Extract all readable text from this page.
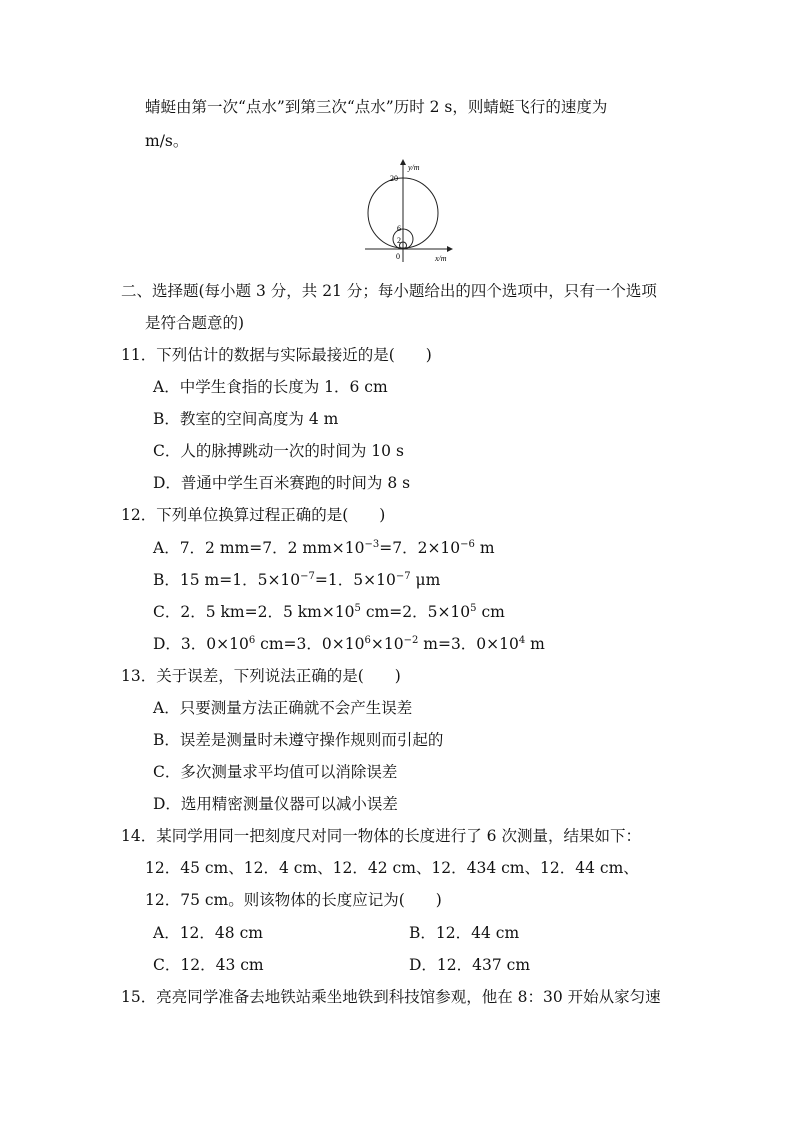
蜻蜓由第一次“点水”到第三次“点水”历时 2 s，则蜻蜓飞行的速度为
m/s。
y/m
x/m
20
6
2
0
二、选择题(每小题 3 分，共 21 分；每小题给出的四个选项中，只有一个选项
是符合题意的)
11．下列估计的数据与实际最接近的是(　　)
A．中学生食指的长度为 1．6 cm
B．教室的空间高度为 4 m
C．人的脉搏跳动一次的时间为 10 s
D．普通中学生百米赛跑的时间为 8 s
12．下列单位换算过程正确的是(　　)
A．7．2 mm=7．2 $mm\times 10^{-3}=7$．$2\times 10^{-6}$ m
B．15 m=1．$5\times 10^{-7}=1$．$5\times 10^{-7}$ μm
C．2．5 km=2．5 $km\times 10^5$ cm=2．$5\times 10^5$ cm
D．3．$0\times 10^6$ cm=3．$0\times 10^6\times 10^{-2}$ m=3．$0\times 10^4$ m
13．关于误差，下列说法正确的是(　　)
A．只要测量方法正确就不会产生误差
B．误差是测量时未遵守操作规则而引起的
C．多次测量求平均值可以消除误差
D．选用精密测量仪器可以减小误差
14．某同学用同一把刻度尺对同一物体的长度进行了 6 次测量，结果如下：
12．45 cm、12．4 cm、12．42 cm、12．434 cm、12．44 cm、
12．75 cm。则该物体的长度应记为(　　)
A．12．48 cm	B．12．44 cm
C．12．43 cm	D．12．437 cm
15．亮亮同学准备去地铁站乘坐地铁到科技馆参观，他在 8：30 开始从家匀速
